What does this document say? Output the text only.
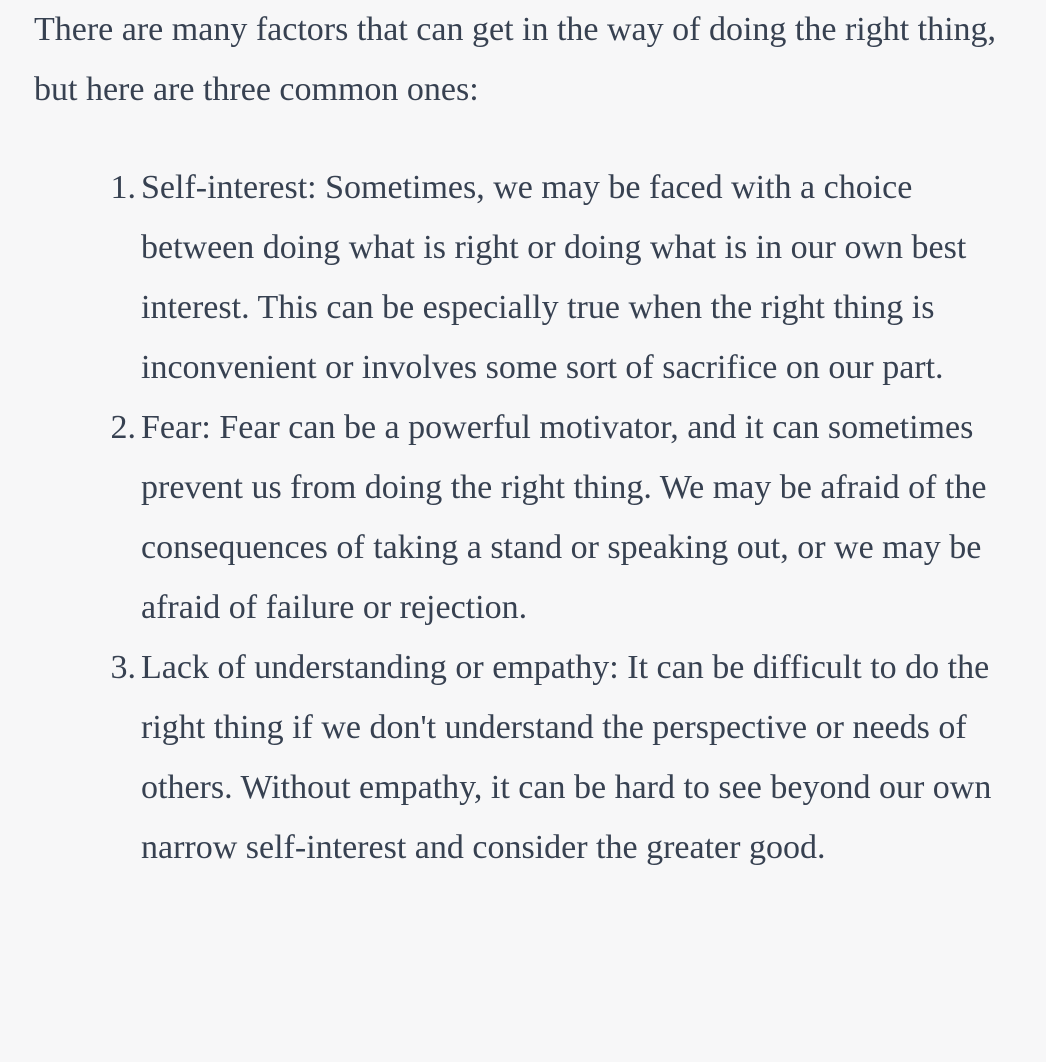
There are many factors that can get in the way of doing the right thing, but here are three common ones:

1. Self-interest: Sometimes, we may be faced with a choice between doing what is right or doing what is in our own best interest. This can be especially true when the right thing is inconvenient or involves some sort of sacrifice on our part.
2. Fear: Fear can be a powerful motivator, and it can sometimes prevent us from doing the right thing. We may be afraid of the consequences of taking a stand or speaking out, or we may be afraid of failure or rejection.
3. Lack of understanding or empathy: It can be difficult to do the right thing if we don't understand the perspective or needs of others. Without empathy, it can be hard to see beyond our own narrow self-interest and consider the greater good.
